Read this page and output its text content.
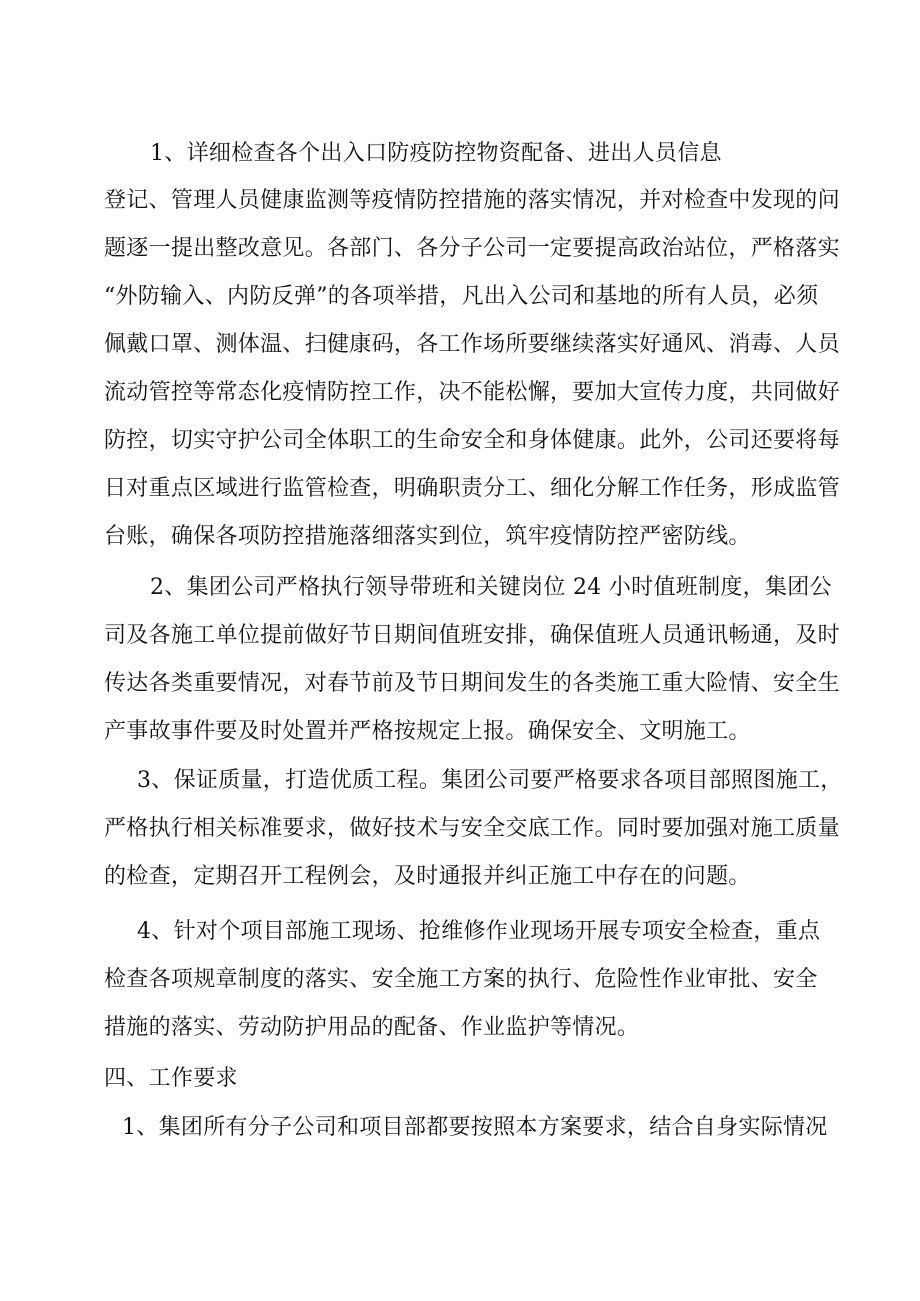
1、详细检查各个出入口防疫防控物资配备、进出人员信息
登记、管理人员健康监测等疫情防控措施的落实情况，并对检查中发现的问
题逐一提出整改意见。各部门、各分子公司一定要提高政治站位，严格落实
“外防输入、内防反弹”的各项举措，凡出入公司和基地的所有人员，必须
佩戴口罩、测体温、扫健康码，各工作场所要继续落实好通风、消毒、人员
流动管控等常态化疫情防控工作，决不能松懈，要加大宣传力度，共同做好
防控，切实守护公司全体职工的生命安全和身体健康。此外，公司还要将每
日对重点区域进行监管检查，明确职责分工、细化分解工作任务，形成监管
台账，确保各项防控措施落细落实到位，筑牢疫情防控严密防线。
2、集团公司严格执行领导带班和关键岗位 24 小时值班制度，集团公
司及各施工单位提前做好节日期间值班安排，确保值班人员通讯畅通，及时
传达各类重要情况，对春节前及节日期间发生的各类施工重大险情、安全生
产事故事件要及时处置并严格按规定上报。确保安全、文明施工。
3、保证质量，打造优质工程。集团公司要严格要求各项目部照图施工，
严格执行相关标准要求，做好技术与安全交底工作。同时要加强对施工质量
的检查，定期召开工程例会，及时通报并纠正施工中存在的问题。
4、针对个项目部施工现场、抢维修作业现场开展专项安全检查，重点
检查各项规章制度的落实、安全施工方案的执行、危险性作业审批、安全
措施的落实、劳动防护用品的配备、作业监护等情况。
四、工作要求
1、集团所有分子公司和项目部都要按照本方案要求，结合自身实际情况
